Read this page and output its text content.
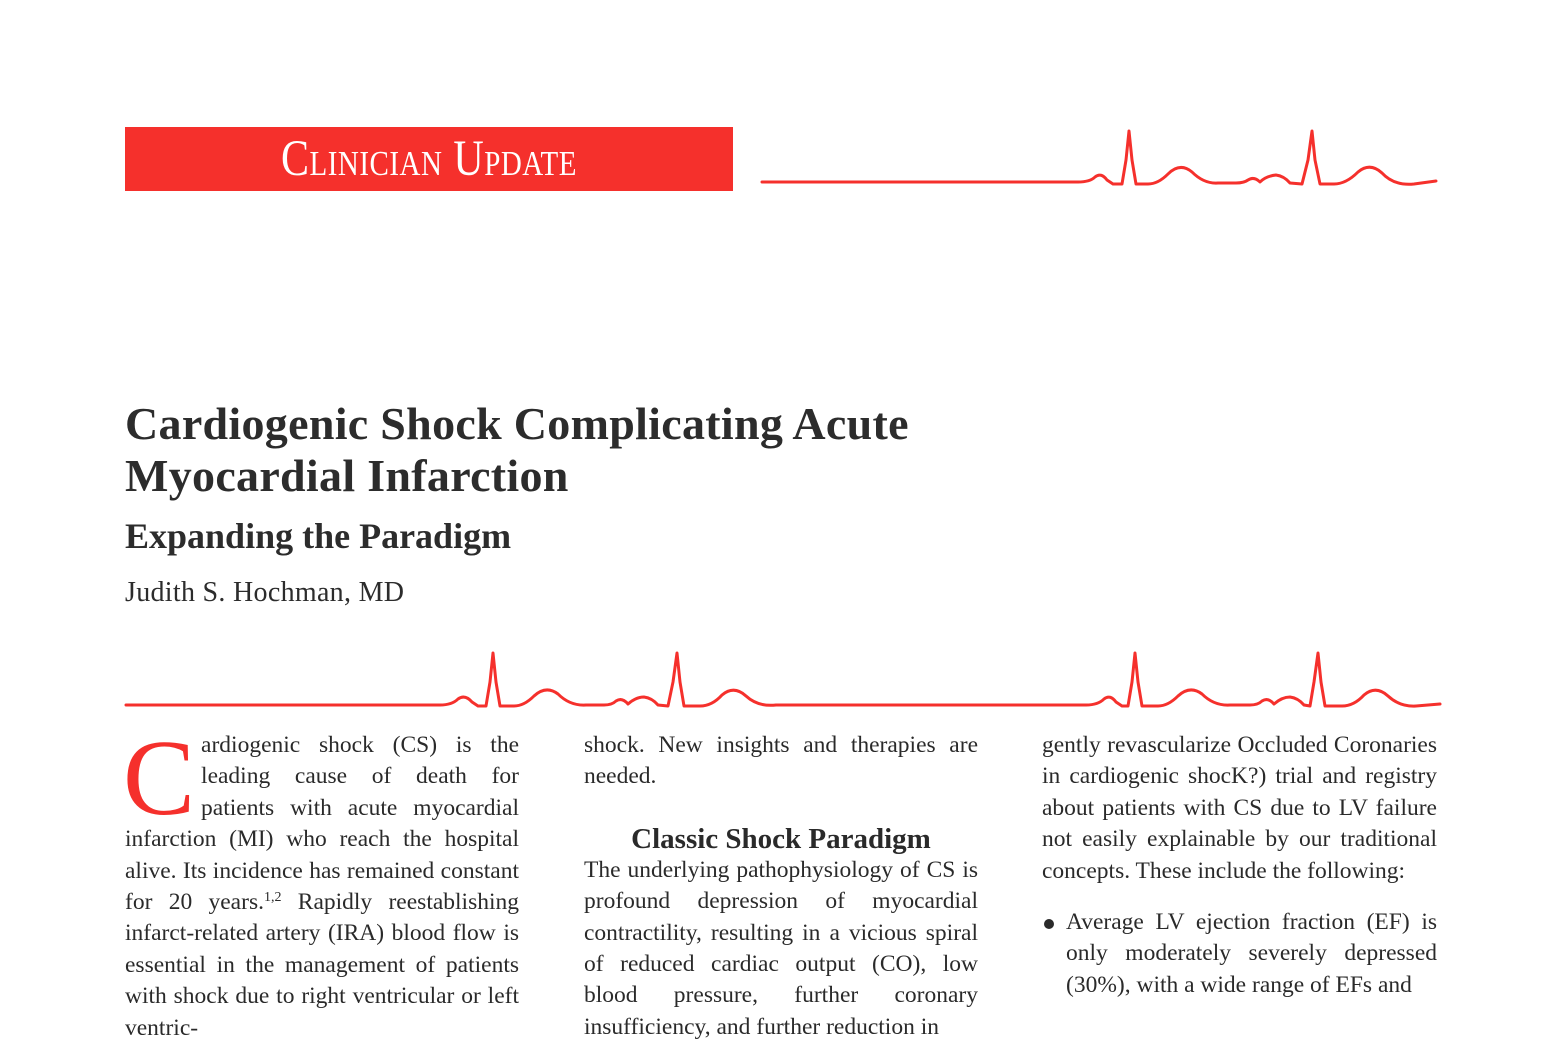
Clinician Update
Cardiogenic Shock Complicating Acute
Myocardial Infarction
Expanding the Paradigm

Judith S. Hochman, MD

Cardiogenic shock (CS) is the leading cause of death for patients with acute myocardial infarction (MI) who reach the hospital alive. Its incidence has remained constant for 20 years.$^{1,2}$ Rapidly reestablishing infarct-related artery (IRA) blood flow is essential in the management of patients with shock due to right ventricular or left ventric-

shock. New insights and therapies are needed.

Classic Shock Paradigm

The underlying pathophysiology of CS is profound depression of myocardial contractility, resulting in a vicious spiral of reduced cardiac output (CO), low blood pressure, further coronary insufficiency, and further reduction in

gently revascularize Occluded Coronaries in cardiogenic shocK?) trial and registry about patients with CS due to LV failure not easily explainable by our traditional concepts. These include the following:

Average LV ejection fraction (EF) is only moderately severely depressed (30%), with a wide range of EFs and
